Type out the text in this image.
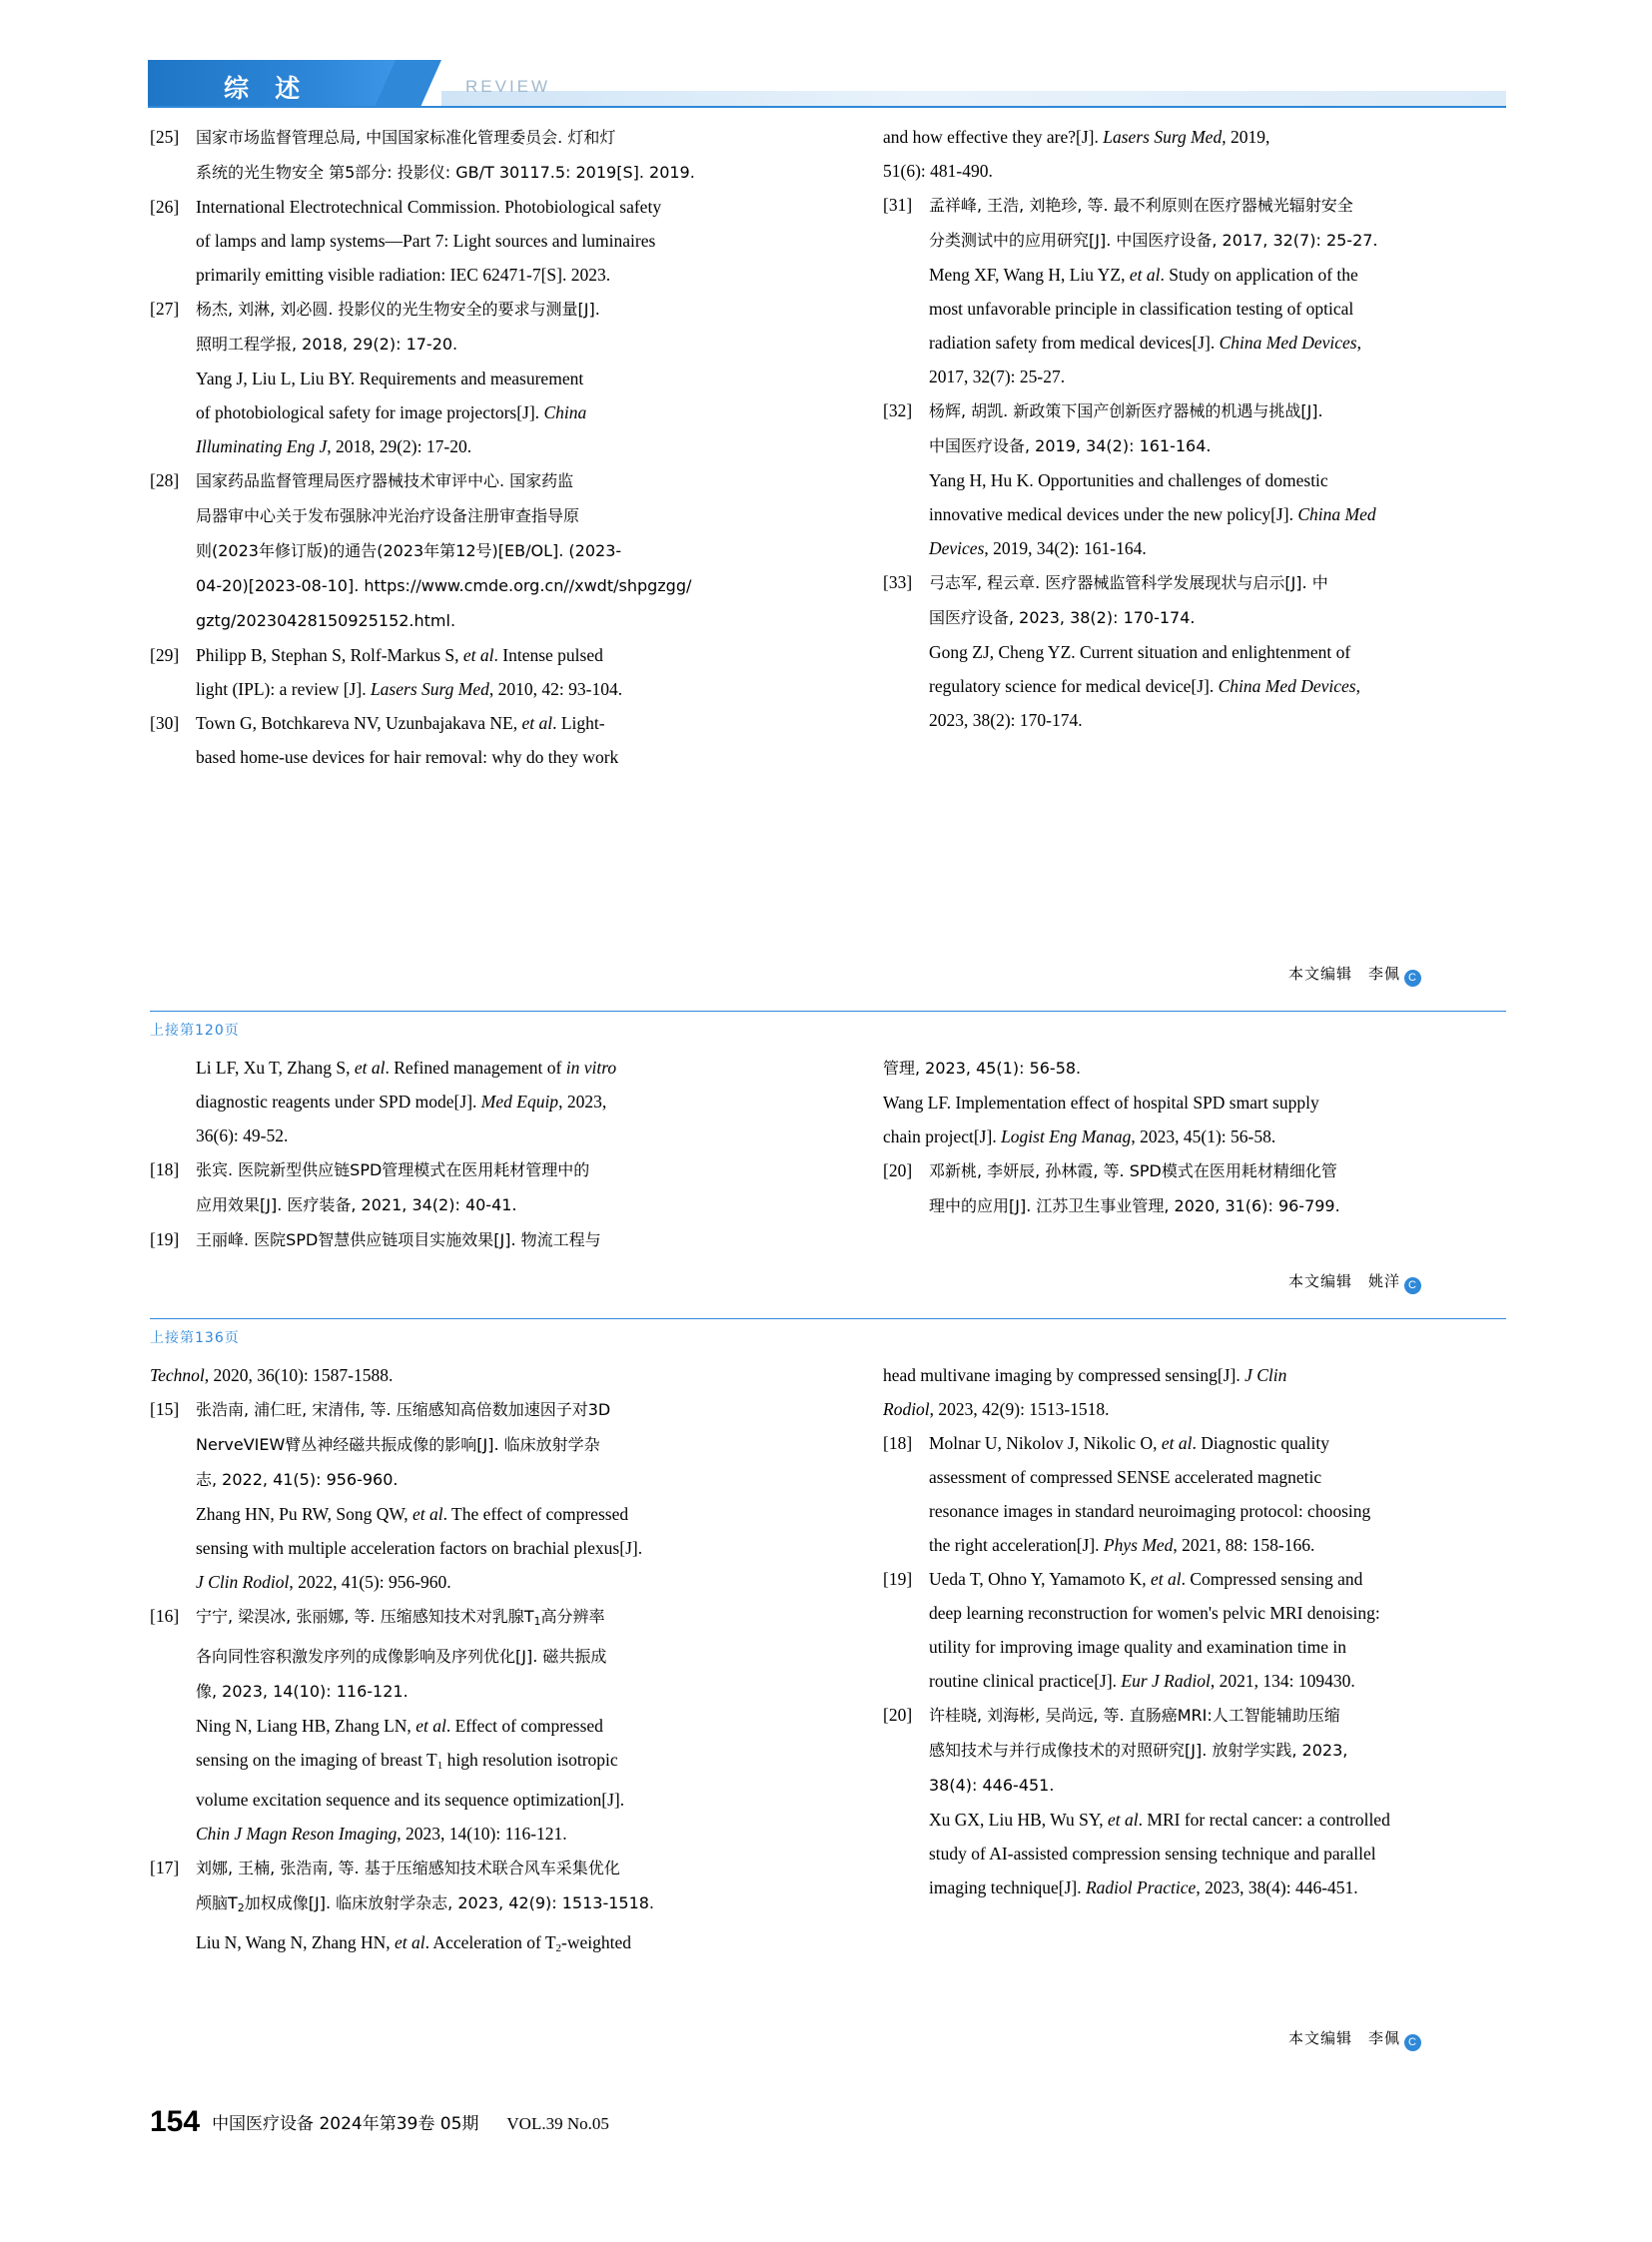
综 述	REVIEW
[25] 国家市场监督管理总局, 中国国家标准化管理委员会. 灯和灯
系统的光生物安全 第5部分: 投影仪: GB/T 30117.5: 2019[S]. 2019.
[26] International Electrotechnical Commission. Photobiological safety
of lamps and lamp systems—Part 7: Light sources and luminaires
primarily emitting visible radiation: IEC 62471-7[S]. 2023.
[27] 杨杰, 刘淋, 刘必圆. 投影仪的光生物安全的要求与测量[J].
照明工程学报, 2018, 29(2): 17-20.
Yang J, Liu L, Liu BY. Requirements and measurement
of photobiological safety for image projectors[J]. China
Illuminating Eng J, 2018, 29(2): 17-20.
[28] 国家药品监督管理局医疗器械技术审评中心. 国家药监
局器审中心关于发布强脉冲光治疗设备注册审查指导原
则(2023年修订版)的通告(2023年第12号)[EB/OL]. (2023-
04-20)[2023-08-10]. https://www.cmde.org.cn//xwdt/shpgzgg/
gztg/20230428150925152.html.
[29] Philipp B, Stephan S, Rolf-Markus S, et al. Intense pulsed
light (IPL): a review [J]. Lasers Surg Med, 2010, 42: 93-104.
[30] Town G, Botchkareva NV, Uzunbajakava NE, et al. Light-
based home-use devices for hair removal: why do they work
and how effective they are?[J]. Lasers Surg Med, 2019,
51(6): 481-490.
[31] 孟祥峰, 王浩, 刘艳珍, 等. 最不利原则在医疗器械光辐射安全
分类测试中的应用研究[J]. 中国医疗设备, 2017, 32(7): 25-27.
Meng XF, Wang H, Liu YZ, et al. Study on application of the
most unfavorable principle in classification testing of optical
radiation safety from medical devices[J]. China Med Devices,
2017, 32(7): 25-27.
[32] 杨辉, 胡凯. 新政策下国产创新医疗器械的机遇与挑战[J].
中国医疗设备, 2019, 34(2): 161-164.
Yang H, Hu K. Opportunities and challenges of domestic
innovative medical devices under the new policy[J]. China Med
Devices, 2019, 34(2): 161-164.
[33] 弓志军, 程云章. 医疗器械监管科学发展现状与启示[J]. 中
国医疗设备, 2023, 38(2): 170-174.
Gong ZJ, Cheng YZ. Current situation and enlightenment of
regulatory science for medical device[J]. China Med Devices,
2023, 38(2): 170-174.
本文编辑　李佩 C
上接第120页
Li LF, Xu T, Zhang S, et al. Refined management of in vitro
diagnostic reagents under SPD mode[J]. Med Equip, 2023,
36(6): 49-52.
[18] 张宾. 医院新型供应链SPD管理模式在医用耗材管理中的
应用效果[J]. 医疗装备, 2021, 34(2): 40-41.
[19] 王丽峰. 医院SPD智慧供应链项目实施效果[J]. 物流工程与
管理, 2023, 45(1): 56-58.
Wang LF. Implementation effect of hospital SPD smart supply
chain project[J]. Logist Eng Manag, 2023, 45(1): 56-58.
[20] 邓新桃, 李妍辰, 孙林霞, 等. SPD模式在医用耗材精细化管
理中的应用[J]. 江苏卫生事业管理, 2020, 31(6): 96-799.
本文编辑　姚洋 C
上接第136页
Technol, 2020, 36(10): 1587-1588.
[15] 张浩南, 浦仁旺, 宋清伟, 等. 压缩感知高倍数加速因子对3D
NerveVIEW臂丛神经磁共振成像的影响[J]. 临床放射学杂
志, 2022, 41(5): 956-960.
Zhang HN, Pu RW, Song QW, et al. The effect of compressed
sensing with multiple acceleration factors on brachial plexus[J].
J Clin Rodiol, 2022, 41(5): 956-960.
[16] 宁宁, 梁淏冰, 张丽娜, 等. 压缩感知技术对乳腺$T_1$高分辨率
各向同性容积激发序列的成像影响及序列优化[J]. 磁共振成
像, 2023, 14(10): 116-121.
Ning N, Liang HB, Zhang LN, et al. Effect of compressed
sensing on the imaging of breast $T_1$ high resolution isotropic
volume excitation sequence and its sequence optimization[J].
Chin J Magn Reson Imaging, 2023, 14(10): 116-121.
[17] 刘娜, 王楠, 张浩南, 等. 基于压缩感知技术联合风车采集优化
颅脑$T_2$加权成像[J]. 临床放射学杂志, 2023, 42(9): 1513-1518.
Liu N, Wang N, Zhang HN, et al. Acceleration of $T_2$-weighted
head multivane imaging by compressed sensing[J]. J Clin
Rodiol, 2023, 42(9): 1513-1518.
[18] Molnar U, Nikolov J, Nikolic O, et al. Diagnostic quality
assessment of compressed SENSE accelerated magnetic
resonance images in standard neuroimaging protocol: choosing
the right acceleration[J]. Phys Med, 2021, 88: 158-166.
[19] Ueda T, Ohno Y, Yamamoto K, et al. Compressed sensing and
deep learning reconstruction for women's pelvic MRI denoising:
utility for improving image quality and examination time in
routine clinical practice[J]. Eur J Radiol, 2021, 134: 109430.
[20] 许桂晓, 刘海彬, 吴尚远, 等. 直肠癌MRI:人工智能辅助压缩
感知技术与并行成像技术的对照研究[J]. 放射学实践, 2023,
38(4): 446-451.
Xu GX, Liu HB, Wu SY, et al. MRI for rectal cancer: a controlled
study of AI-assisted compression sensing technique and parallel
imaging technique[J]. Radiol Practice, 2023, 38(4): 446-451.
本文编辑　李佩 C
154 中国医疗设备 2024年第39卷 05期 VOL.39 No.05
